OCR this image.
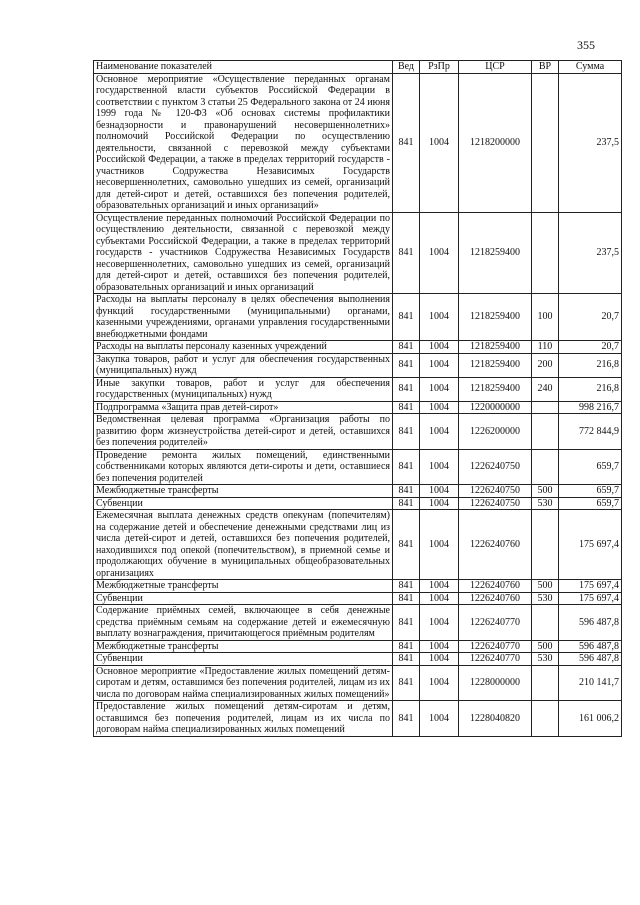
355
Наименование показателей	Вед	РзПр	ЦСР	ВР	Сумма
Основное мероприятие «Осуществление переданных органам государственной власти субъектов Российской Федерации в соответствии с пунктом 3 статьи 25 Федерального закона от 24 июня 1999 года № 120-ФЗ «Об основах системы профилактики безнадзорности и правонарушений несовершеннолетних» полномочий Российской Федерации по осуществлению деятельности, связанной с перевозкой между субъектами Российской Федерации, а также в пределах территорий государств - участников Содружества Независимых Государств несовершеннолетних, самовольно ушедших из семей, организаций для детей-сирот и детей, оставшихся без попечения родителей, образовательных организаций и иных организаций»	841	1004	1218200000		237,5
Осуществление переданных полномочий Российской Федерации по осуществлению деятельности, связанной с перевозкой между субъектами Российской Федерации, а также в пределах территорий государств - участников Содружества Независимых Государств несовершеннолетних, самовольно ушедших из семей, организаций для детей-сирот и детей, оставшихся без попечения родителей, образовательных организаций и иных организаций	841	1004	1218259400		237,5
Расходы на выплаты персоналу в целях обеспечения выполнения функций государственными (муниципальными) органами, казенными учреждениями, органами управления государственными внебюджетными фондами	841	1004	1218259400	100	20,7
Расходы на выплаты персоналу казенных учреждений	841	1004	1218259400	110	20,7
Закупка товаров, работ и услуг для обеспечения государственных (муниципальных) нужд	841	1004	1218259400	200	216,8
Иные закупки товаров, работ и услуг для обеспечения государственных (муниципальных) нужд	841	1004	1218259400	240	216,8
Подпрограмма «Защита прав детей-сирот»	841	1004	1220000000		998 216,7
Ведомственная целевая программа «Организация работы по развитию форм жизнеустройства детей-сирот и детей, оставшихся без попечения родителей»	841	1004	1226200000		772 844,9
Проведение ремонта жилых помещений, единственными собственниками которых являются дети-сироты и дети, оставшиеся без попечения родителей	841	1004	1226240750		659,7
Межбюджетные трансферты	841	1004	1226240750	500	659,7
Субвенции	841	1004	1226240750	530	659,7
Ежемесячная выплата денежных средств опекунам (попечителям) на содержание детей и обеспечение денежными средствами лиц из числа детей-сирот и детей, оставшихся без попечения родителей, находившихся под опекой (попечительством), в приемной семье и продолжающих обучение в муниципальных общеобразовательных организациях	841	1004	1226240760		175 697,4
Межбюджетные трансферты	841	1004	1226240760	500	175 697,4
Субвенции	841	1004	1226240760	530	175 697,4
Содержание приёмных семей, включающее в себя денежные средства приёмным семьям на содержание детей и ежемесячную выплату вознаграждения, причитающегося приёмным родителям	841	1004	1226240770		596 487,8
Межбюджетные трансферты	841	1004	1226240770	500	596 487,8
Субвенции	841	1004	1226240770	530	596 487,8
Основное мероприятие «Предоставление жилых помещений детям-сиротам и детям, оставшимся без попечения родителей, лицам из их числа по договорам найма специализированных жилых помещений»	841	1004	1228000000		210 141,7
Предоставление жилых помещений детям-сиротам и детям, оставшимся без попечения родителей, лицам из их числа по договорам найма специализированных жилых помещений	841	1004	1228040820		161 006,2
